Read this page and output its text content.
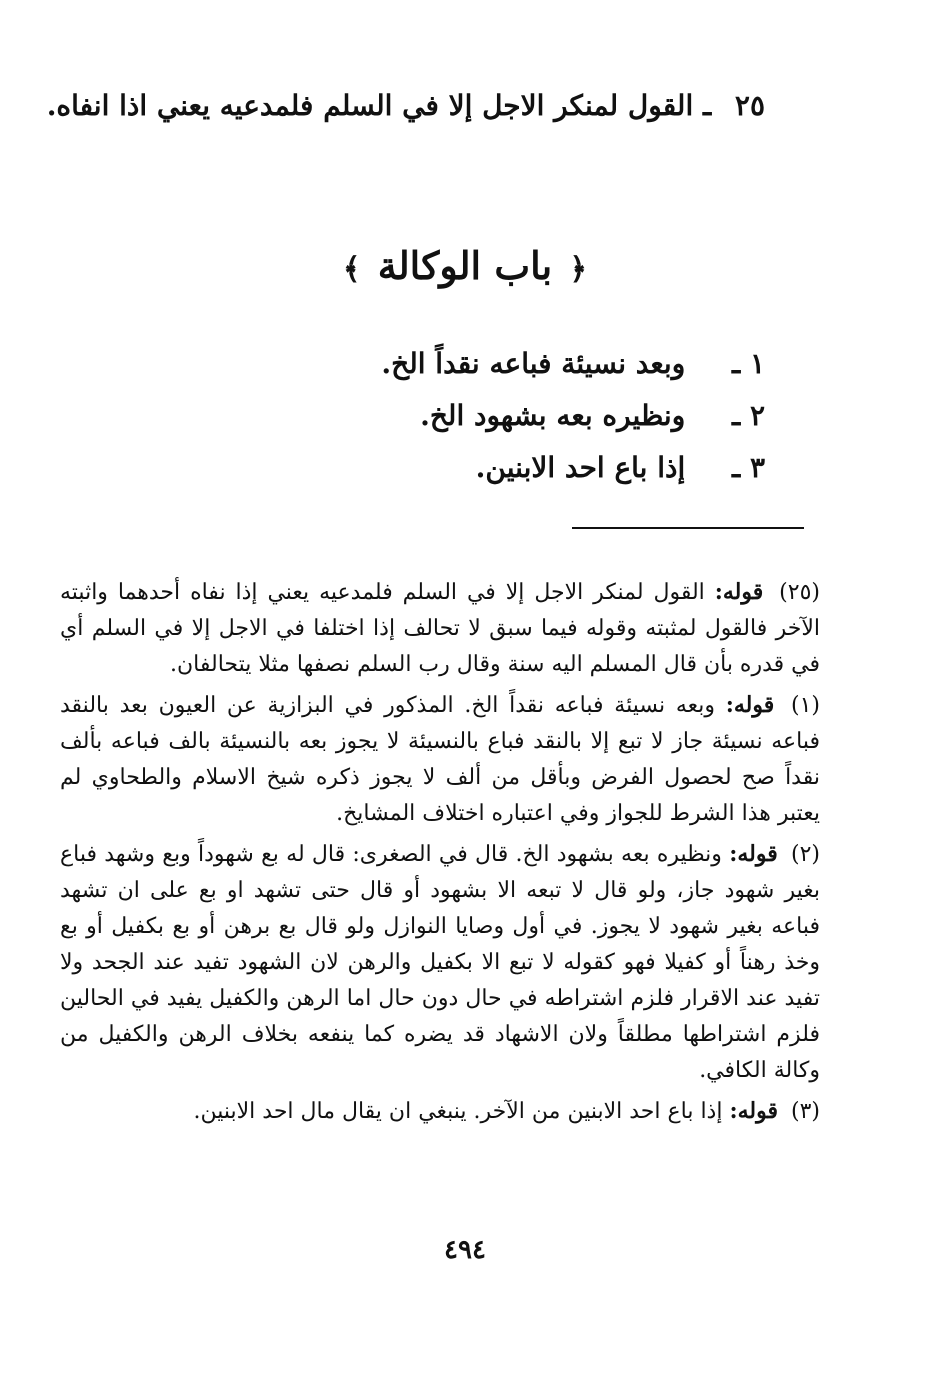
٢٥ ـ القول لمنكر الاجل إلا في السلم فلمدعيه يعني اذا انفاه.
﴿ باب الوكالة ﴾
١ ـ وبعد نسيئة فباعه نقداً الخ.
٢ ـ ونظيره بعه بشهود الخ.
٣ ـ إذا باع احد الابنين.

(٢٥) قوله: القول لمنكر الاجل إلا في السلم فلمدعيه يعني إذا نفاه أحدهما واثبته الآخر فالقول لمثبته وقوله فيما سبق لا تحالف إذا اختلفا في الاجل إلا في السلم أي في قدره بأن قال المسلم اليه سنة وقال رب السلم نصفها مثلا يتحالفان.

(١) قوله: وبعه نسيئة فباعه نقداً الخ. المذكور في البزازية عن العيون بعد بالنقد فباعه نسيئة جاز لا تبع إلا بالنقد فباع بالنسيئة لا يجوز بعه بالنسيئة بالف فباعه بألف نقداً صح لحصول الفرض وبأقل من ألف لا يجوز ذكره شيخ الاسلام والطحاوي لم يعتبر هذا الشرط للجواز وفي اعتباره اختلاف المشايخ.

(٢) قوله: ونظيره بعه بشهود الخ. قال في الصغرى: قال له بع شهوداً وبع وشهد فباع بغير شهود جاز، ولو قال لا تبعه الا بشهود أو قال حتى تشهد او بع على ان تشهد فباعه بغير شهود لا يجوز. في أول وصايا النوازل ولو قال بع برهن أو بع بكفيل أو بع وخذ رهناً أو كفيلا فهو كقوله لا تبع الا بكفيل والرهن لان الشهود تفيد عند الجحد ولا تفيد عند الاقرار فلزم اشتراطه في حال دون حال اما الرهن والكفيل يفيد في الحالين فلزم اشتراطها مطلقاً ولان الاشهاد قد يضره كما ينفعه بخلاف الرهن والكفيل من وكالة الكافي.

(٣) قوله: إذا باع احد الابنين من الآخر. ينبغي ان يقال مال احد الابنين.

٤٩٤
